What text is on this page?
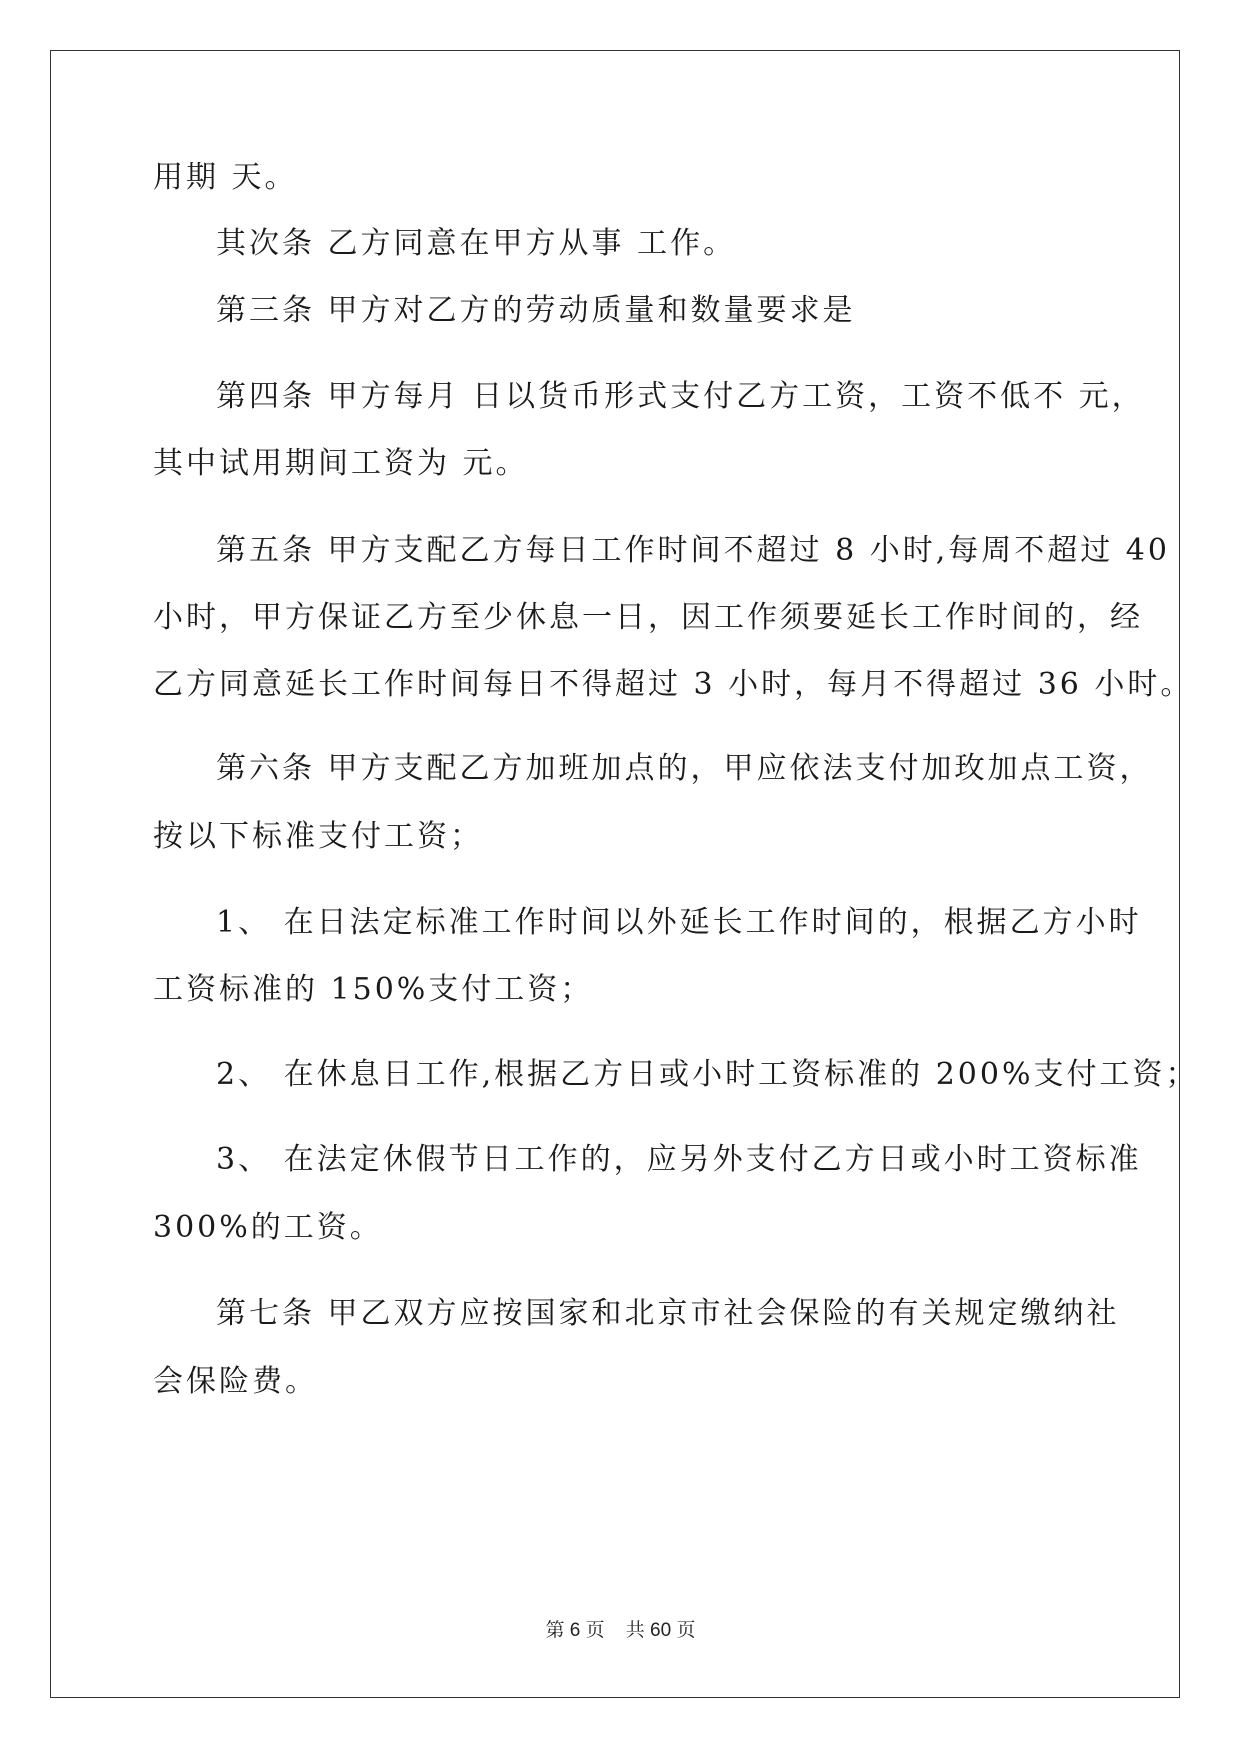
用期 天。
其次条 乙方同意在甲方从事 工作。
第三条 甲方对乙方的劳动质量和数量要求是
第四条 甲方每月 日以货币形式支付乙方工资，工资不低不 元，
其中试用期间工资为 元。
第五条 甲方支配乙方每日工作时间不超过 8 小时,每周不超过 40
小时，甲方保证乙方至少休息一日，因工作须要延长工作时间的，经
乙方同意延长工作时间每日不得超过 3 小时，每月不得超过 36 小时。
第六条 甲方支配乙方加班加点的，甲应依法支付加玫加点工资，
按以下标准支付工资；
1、 在日法定标准工作时间以外延长工作时间的，根据乙方小时
工资标准的 150%支付工资；
2、 在休息日工作,根据乙方日或小时工资标准的 200%支付工资；
3、 在法定休假节日工作的，应另外支付乙方日或小时工资标准
300%的工资。
第七条 甲乙双方应按国家和北京市社会保险的有关规定缴纳社
会保险费。
第 6 页 共 60 页
